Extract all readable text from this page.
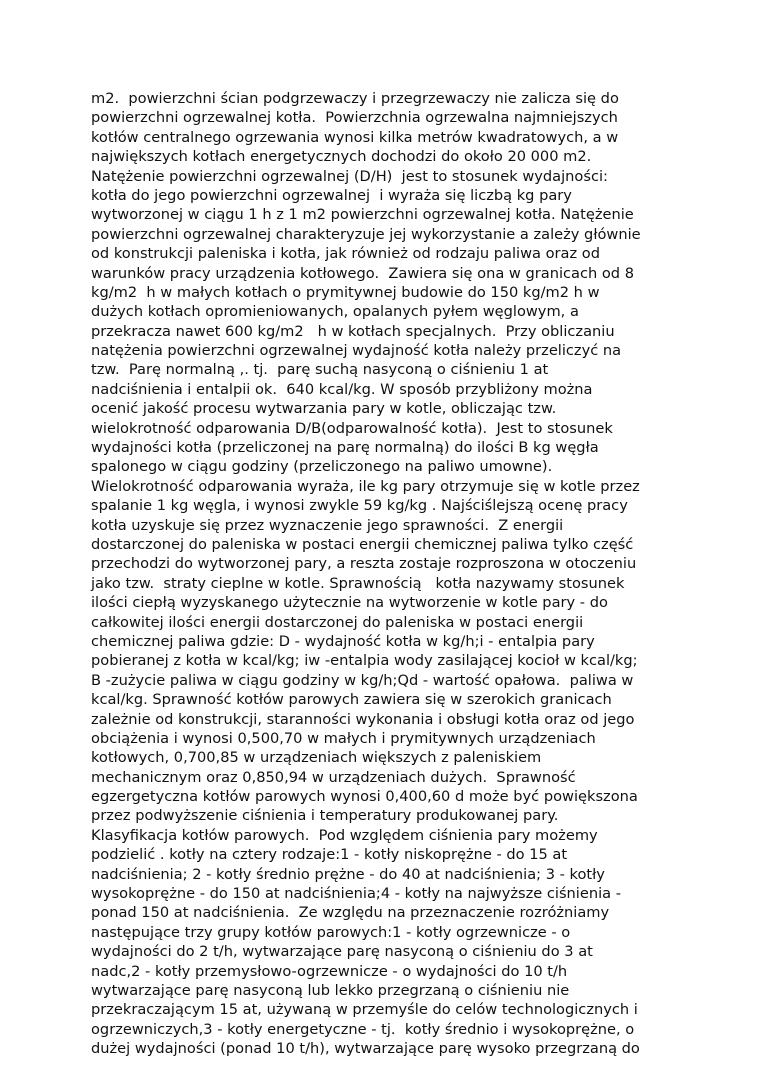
m2.  powierzchni ścian podgrzewaczy i przegrzewaczy nie zalicza się do
powierzchni ogrzewalnej kotła.  Powierzchnia ogrzewalna najmniejszych
kotłów centralnego ogrzewania wynosi kilka metrów kwadratowych, a w
największych kotłach energetycznych dochodzi do około 20 000 m2.
Natężenie powierzchni ogrzewalnej (D/H)  jest to stosunek wydajności:
kotła do jego powierzchni ogrzewalnej  i wyraża się liczbą kg pary
wytworzonej w ciągu 1 h z 1 m2 powierzchni ogrzewalnej kotła. Natężenie
powierzchni ogrzewalnej charakteryzuje jej wykorzystanie a zależy głównie
od konstrukcji paleniska i kotła, jak również od rodzaju paliwa oraz od
warunków pracy urządzenia kotłowego.  Zawiera się ona w granicach od 8
kg/m2  h w małych kotłach o prymitywnej budowie do 150 kg/m2 h w
dużych kotłach opromieniowanych, opalanych pyłem węglowym, a
przekracza nawet 600 kg/m2   h w kotłach specjalnych.  Przy obliczaniu
natężenia powierzchni ogrzewalnej wydajność kotła należy przeliczyć na
tzw.  Parę normalną ,. tj.  parę suchą nasyconą o ciśnieniu 1 at
nadciśnienia i entalpii ok.  640 kcal/kg. W sposób przybliżony można
ocenić jakość procesu wytwarzania pary w kotle, obliczając tzw.
wielokrotność odparowania D/B(odparowalność kotła).  Jest to stosunek
wydajności kotła (przeliczonej na parę normalną) do ilości B kg węgła
spalonego w ciągu godziny (przeliczonego na paliwo umowne).
Wielokrotność odparowania wyraża, ile kg pary otrzymuje się w kotle przez
spalanie 1 kg węgla, i wynosi zwykle 59 kg/kg . Najściślejszą ocenę pracy
kotła uzyskuje się przez wyznaczenie jego sprawności.  Z energii
dostarczonej do paleniska w postaci energii chemicznej paliwa tylko część
przechodzi do wytworzonej pary, a reszta zostaje rozproszona w otoczeniu
jako tzw.  straty cieplne w kotle. Sprawnością   kotła nazywamy stosunek
ilości ciepłą wyzyskanego użytecznie na wytworzenie w kotle pary - do
całkowitej ilości energii dostarczonej do paleniska w postaci energii
chemicznej paliwa gdzie: D - wydajność kotła w kg/h;i - entalpia pary
pobieranej z kotła w kcal/kg; iw -entalpia wody zasilającej kocioł w kcal/kg;
B -zużycie paliwa w ciągu godziny w kg/h;Qd - wartość opałowa.  paliwa w
kcal/kg. Sprawność kotłów parowych zawiera się w szerokich granicach
zależnie od konstrukcji, staranności wykonania i obsługi kotła oraz od jego
obciążenia i wynosi 0,500,70 w małych i prymitywnych urządzeniach
kotłowych, 0,700,85 w urządzeniach większych z paleniskiem
mechanicznym oraz 0,850,94 w urządzeniach dużych.  Sprawność
egzergetyczna kotłów parowych wynosi 0,400,60 d może być powiększona
przez podwyższenie ciśnienia i temperatury produkowanej pary.
Klasyfikacja kotłów parowych.  Pod względem ciśnienia pary możemy
podzielić . kotły na cztery rodzaje:1 - kotły niskoprężne - do 15 at
nadciśnienia; 2 - kotły średnio prężne - do 40 at nadciśnienia; 3 - kotły
wysokoprężne - do 150 at nadciśnienia;4 - kotły na najwyższe ciśnienia -
ponad 150 at nadciśnienia.  Ze względu na przeznaczenie rozróżniamy
następujące trzy grupy kotłów parowych:1 - kotły ogrzewnicze - o
wydajności do 2 t/h, wytwarzające parę nasyconą o ciśnieniu do 3 at
nadc,2 - kotły przemysłowo-ogrzewnicze - o wydajności do 10 t/h
wytwarzające parę nasyconą lub lekko przegrzaną o ciśnieniu nie
przekraczającym 15 at, używaną w przemyśle do celów technologicznych i
ogrzewniczych,3 - kotły energetyczne - tj.  kotły średnio i wysokoprężne, o
dużej wydajności (ponad 10 t/h), wytwarzające parę wysoko przegrzaną do
